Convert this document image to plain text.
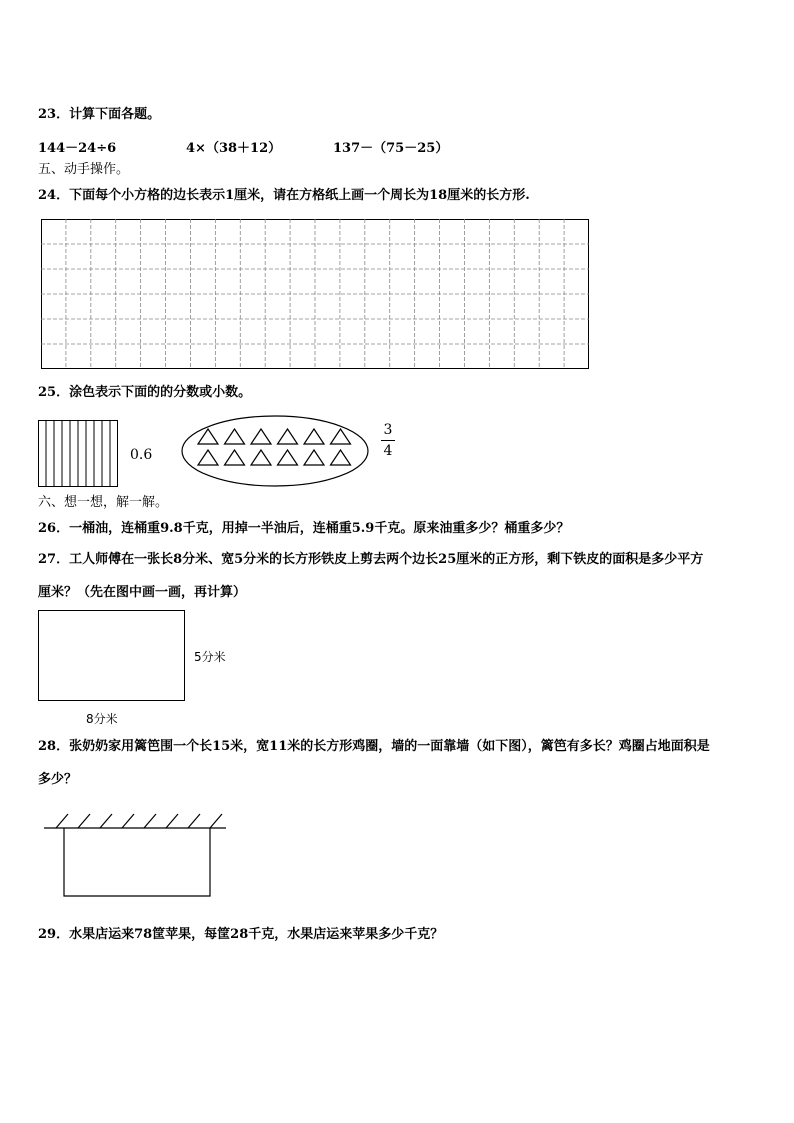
23．计算下面各题。
144－24÷6	4×（38＋12）	137－（75－25）
五、动手操作。
24．下面每个小方格的边长表示1厘米，请在方格纸上画一个周长为18厘米的长方形.
25．涂色表示下面的的分数或小数。
0.6
3
4
六、想一想，解一解。
26．一桶油，连桶重9.8千克，用掉一半油后，连桶重5.9千克。原来油重多少？桶重多少？
27．工人师傅在一张长8分米、宽5分米的长方形铁皮上剪去两个边长25厘米的正方形，剩下铁皮的面积是多少平方
厘米？（先在图中画一画，再计算）
5分米
8分米
28．张奶奶家用篱笆围一个长15米，宽11米的长方形鸡圈，墙的一面靠墙（如下图），篱笆有多长？鸡圈占地面积是
多少？
29．水果店运来78筐苹果，每筐28千克，水果店运来苹果多少千克？
